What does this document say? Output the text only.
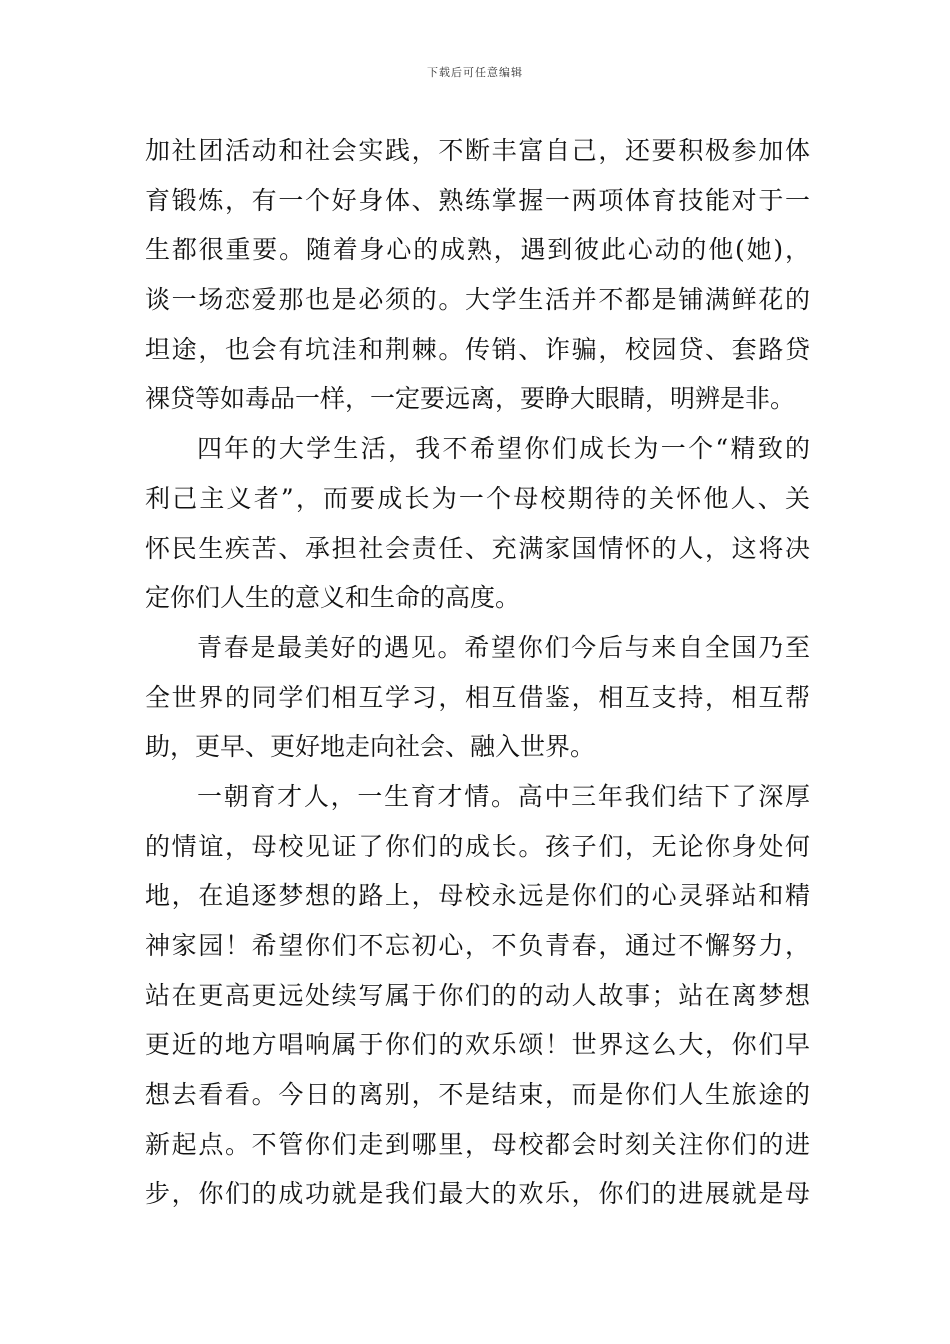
下载后可任意编辑
加社团活动和社会实践，不断丰富自己，还要积极参加体
育锻炼，有一个好身体、熟练掌握一两项体育技能对于一
生都很重要。随着身心的成熟，遇到彼此心动的他(她)，
谈一场恋爱那也是必须的。大学生活并不都是铺满鲜花的
坦途，也会有坑洼和荆棘。传销、诈骗，校园贷、套路贷
裸贷等如毒品一样，一定要远离，要睁大眼睛，明辨是非。
四年的大学生活，我不希望你们成长为一个“精致的
利己主义者”，而要成长为一个母校期待的关怀他人、关
怀民生疾苦、承担社会责任、充满家国情怀的人，这将决
定你们人生的意义和生命的高度。
青春是最美好的遇见。希望你们今后与来自全国乃至
全世界的同学们相互学习，相互借鉴，相互支持，相互帮
助，更早、更好地走向社会、融入世界。
一朝育才人，一生育才情。高中三年我们结下了深厚
的情谊，母校见证了你们的成长。孩子们，无论你身处何
地，在追逐梦想的路上，母校永远是你们的心灵驿站和精
神家园！希望你们不忘初心，不负青春，通过不懈努力，
站在更高更远处续写属于你们的的动人故事；站在离梦想
更近的地方唱响属于你们的欢乐颂！世界这么大，你们早
想去看看。今日的离别，不是结束，而是你们人生旅途的
新起点。不管你们走到哪里，母校都会时刻关注你们的进
步，你们的成功就是我们最大的欢乐，你们的进展就是母
